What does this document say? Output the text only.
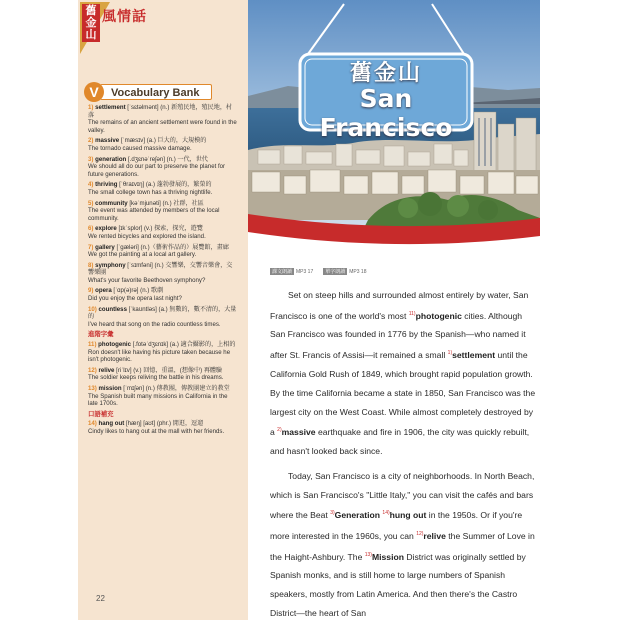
舊金山
風情話
Vocabulary Bank
V
1) settlement [ˈsɛtəlmənt] (n.) 新殖民地，殖民地，村落
The remains of an ancient settlement were found in the valley.
2) massive [ˈmæsɪv] (a.) 巨大的，大規模的
The tornado caused massive damage.
3) generation [.dʒɛnəˈreʃən] (n.) 一代，世代
We should all do our part to preserve the planet for future generations.
4) thriving [ˈθraɪvɪŋ] (a.) 蓬勃發展的，繁榮的
The small college town has a thriving nightlife.
5) community [kəˈmjunəti] (n.) 社群，社區
The event was attended by members of the local community.
6) explore [ɪkˈsplor] (v.) 探索，探究，遊覽
We rented bicycles and explored the island.
7) gallery [ˈgæləri] (n.)（藝術作品的）展覽館，畫廊
We got the painting at a local art gallery.
8) symphony [ˈsɪmfəni] (n.) 交響樂，交響音樂會，交響樂團
What's your favorite Beethoven symphony?
9) opera [ˈɑp(ə)rə] (n.) 歌劇
Did you enjoy the opera last night?
10) countless [ˈkaʊntləs] (a.) 無數的，數不清的，大量的
I've heard that song on the radio countless times.
進階字彙
11) photogenic [.fotəˈdʒɛnɪk] (a.) 適合攝影的，上相的
Ron doesn't like having his picture taken because he isn't photogenic.
12) relive [riˈlɪv] (v.) 回憶，重溫，(想像中) 再體驗
The soldier keeps reliving the battle in his dreams.
13) mission [ˈmɪʃən] (n.) 傳教團，傳教團建立的教堂
The Spanish built many missions in California in the late 1700s.
口語補充
14) hang out [hæŋ] [aʊt] (phr.) 閒逛，逗遛
Cindy likes to hang out at the mall with her friends.
22
舊金山
San Francisco
課文朗讀 MP3 17 單字朗讀 MP3 18

Set on steep hills and surrounded almost entirely by water, San Francisco is one of the world's most $^{11)}$photogenic cities. Although San Francisco was founded in 1776 by the Spanish—who named it after St. Francis of Assisi—it remained a small $^{1)}$settlement until the California Gold Rush of 1849, which brought rapid population growth. By the time California became a state in 1850, San Francisco was the largest city on the West Coast. While almost completely destroyed by a $^{2)}$massive earthquake and fire in 1906, the city was quickly rebuilt, and hasn't looked back since.

Today, San Francisco is a city of neighborhoods. In North Beach, which is San Francisco's "Little Italy," you can visit the cafés and bars where the Beat $^{3)}$Generation $^{14)}$hung out in the 1950s. Or if you're more interested in the 1960s, you can $^{12)}$relive the Summer of Love in the Haight-Ashbury. The $^{13)}$Mission District was originally settled by Spanish monks, and is still home to large numbers of Spanish speakers, mostly from Latin America. And then there's the Castro District—the heart of San
